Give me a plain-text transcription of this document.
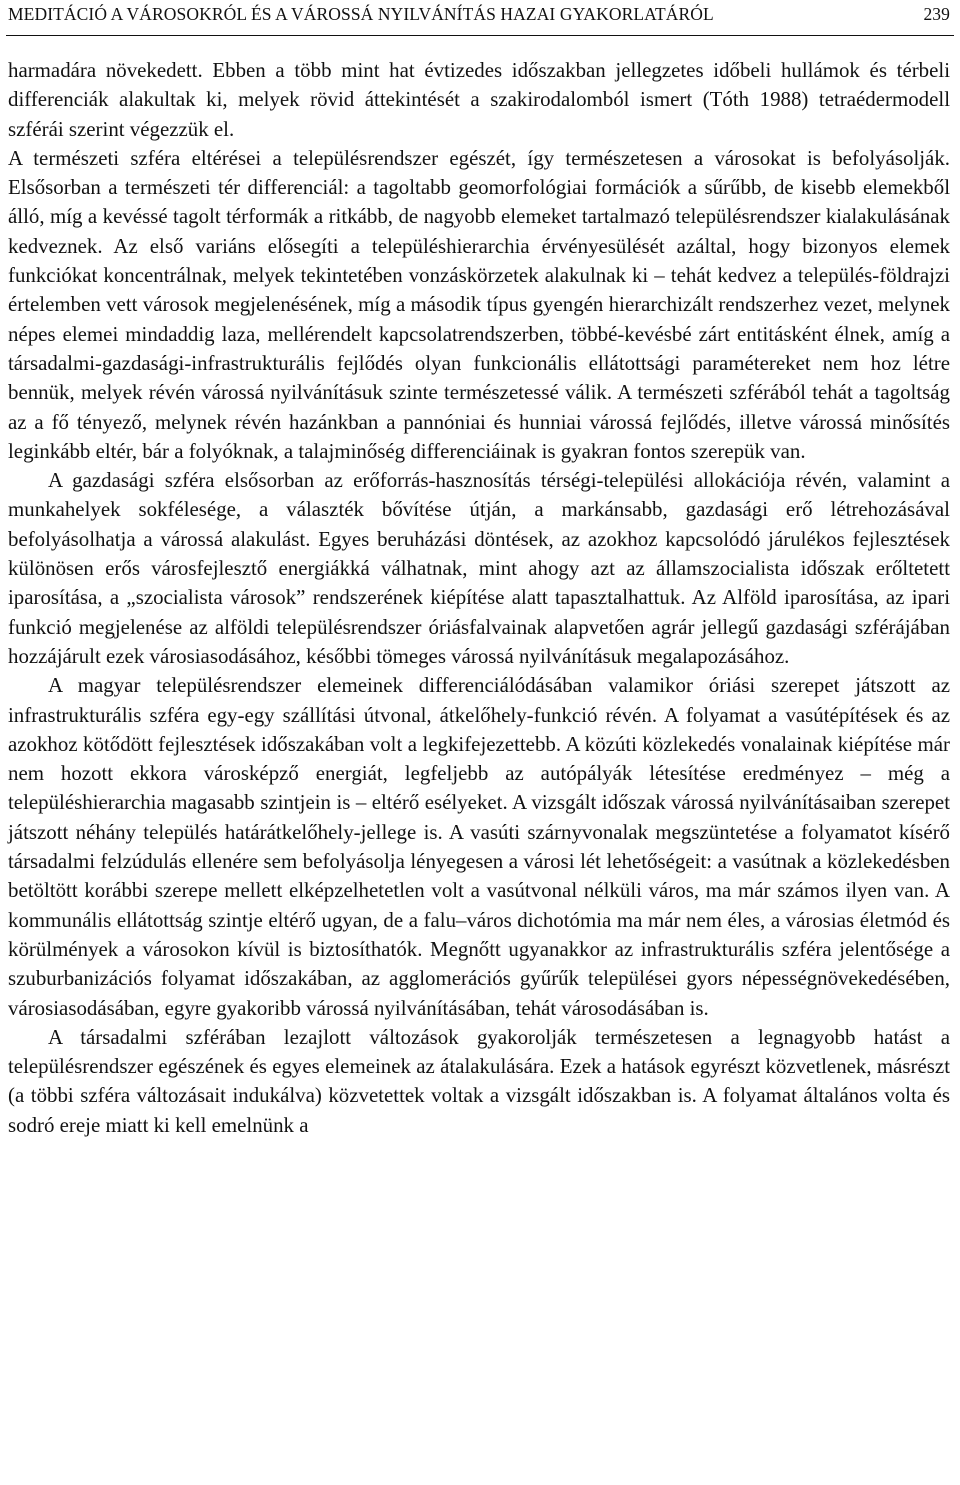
MEDITÁCIÓ A VÁROSOKRÓL ÉS A VÁROSSÁ NYILVÁNÍTÁS HAZAI GYAKORLATÁRÓL	239

harmadára növekedett. Ebben a több mint hat évtizedes időszakban jellegzetes időbeli hullámok és térbeli differenciák alakultak ki, melyek rövid áttekintését a szakirodalomból ismert (Tóth 1988) tetraédermodell szférái szerint végezzük el.

A természeti szféra eltérései a településrendszer egészét, így természetesen a városokat is befolyásolják. Elsősorban a természeti tér differenciál: a tagoltabb geomorfológiai formációk a sűrűbb, de kisebb elemekből álló, míg a kevéssé tagolt térformák a ritkább, de nagyobb elemeket tartalmazó településrendszer kialakulásának kedveznek. Az első variáns elősegíti a településhierarchia érvényesülését azáltal, hogy bizonyos elemek funkciókat koncentrálnak, melyek tekintetében vonzáskörzetek alakulnak ki – tehát kedvez a település-földrajzi értelemben vett városok megjelenésének, míg a második típus gyengén hierarchizált rendszerhez vezet, melynek népes elemei mindaddig laza, mellérendelt kapcsolatrendszerben, többé-kevésbé zárt entitásként élnek, amíg a társadalmi-gazdasági-infrastrukturális fejlődés olyan funkcionális ellátottsági paramétereket nem hoz létre bennük, melyek révén várossá nyilvánításuk szinte természetessé válik. A természeti szférából tehát a tagoltság az a fő tényező, melynek révén hazánkban a pannóniai és hunniai várossá fejlődés, illetve várossá minősítés leginkább eltér, bár a folyóknak, a talajminőség differenciáinak is gyakran fontos szerepük van.

A gazdasági szféra elsősorban az erőforrás-hasznosítás térségi-települési allokációja révén, valamint a munkahelyek sokfélesége, a választék bővítése útján, a markánsabb, gazdasági erő létrehozásával befolyásolhatja a várossá alakulást. Egyes beruházási döntések, az azokhoz kapcsolódó járulékos fejlesztések különösen erős városfejlesztő energiákká válhatnak, mint ahogy azt az államszocialista időszak erőltetett iparosítása, a „szocialista városok” rendszerének kiépítése alatt tapasztalhattuk. Az Alföld iparosítása, az ipari funkció megjelenése az alföldi településrendszer óriásfalvainak alapvetően agrár jellegű gazdasági szférájában hozzájárult ezek városiasodásához, későbbi tömeges várossá nyilvánításuk megalapozásához.

A magyar településrendszer elemeinek differenciálódásában valamikor óriási szerepet játszott az infrastrukturális szféra egy-egy szállítási útvonal, átkelőhely-funkció révén. A folyamat a vasútépítések és az azokhoz kötődött fejlesztések időszakában volt a legkifejezettebb. A közúti közlekedés vonalainak kiépítése már nem hozott ekkora városképző energiát, legfeljebb az autópályák létesítése eredményez – még a településhierarchia magasabb szintjein is – eltérő esélyeket. A vizsgált időszak várossá nyilvánításaiban szerepet játszott néhány település határátkelőhely-jellege is. A vasúti szárnyvonalak megszüntetése a folyamatot kísérő társadalmi felzúdulás ellenére sem befolyásolja lényegesen a városi lét lehetőségeit: a vasútnak a közlekedésben betöltött korábbi szerepe mellett elképzelhetetlen volt a vasútvonal nélküli város, ma már számos ilyen van. A kommunális ellátottság szintje eltérő ugyan, de a falu–város dichotómia ma már nem éles, a városias életmód és körülmények a városokon kívül is biztosíthatók. Megnőtt ugyanakkor az infrastrukturális szféra jelentősége a szuburbanizációs folyamat időszakában, az agglomerációs gyűrűk települései gyors népességnövekedésében, városiasodásában, egyre gyakoribb várossá nyilvánításában, tehát városodásában is.

A társadalmi szférában lezajlott változások gyakorolják természetesen a legnagyobb hatást a településrendszer egészének és egyes elemeinek az átalakulására. Ezek a hatások egyrészt közvetlenek, másrészt (a többi szféra változásait indukálva) közvetettek voltak a vizsgált időszakban is. A folyamat általános volta és sodró ereje miatt ki kell emelnünk a
